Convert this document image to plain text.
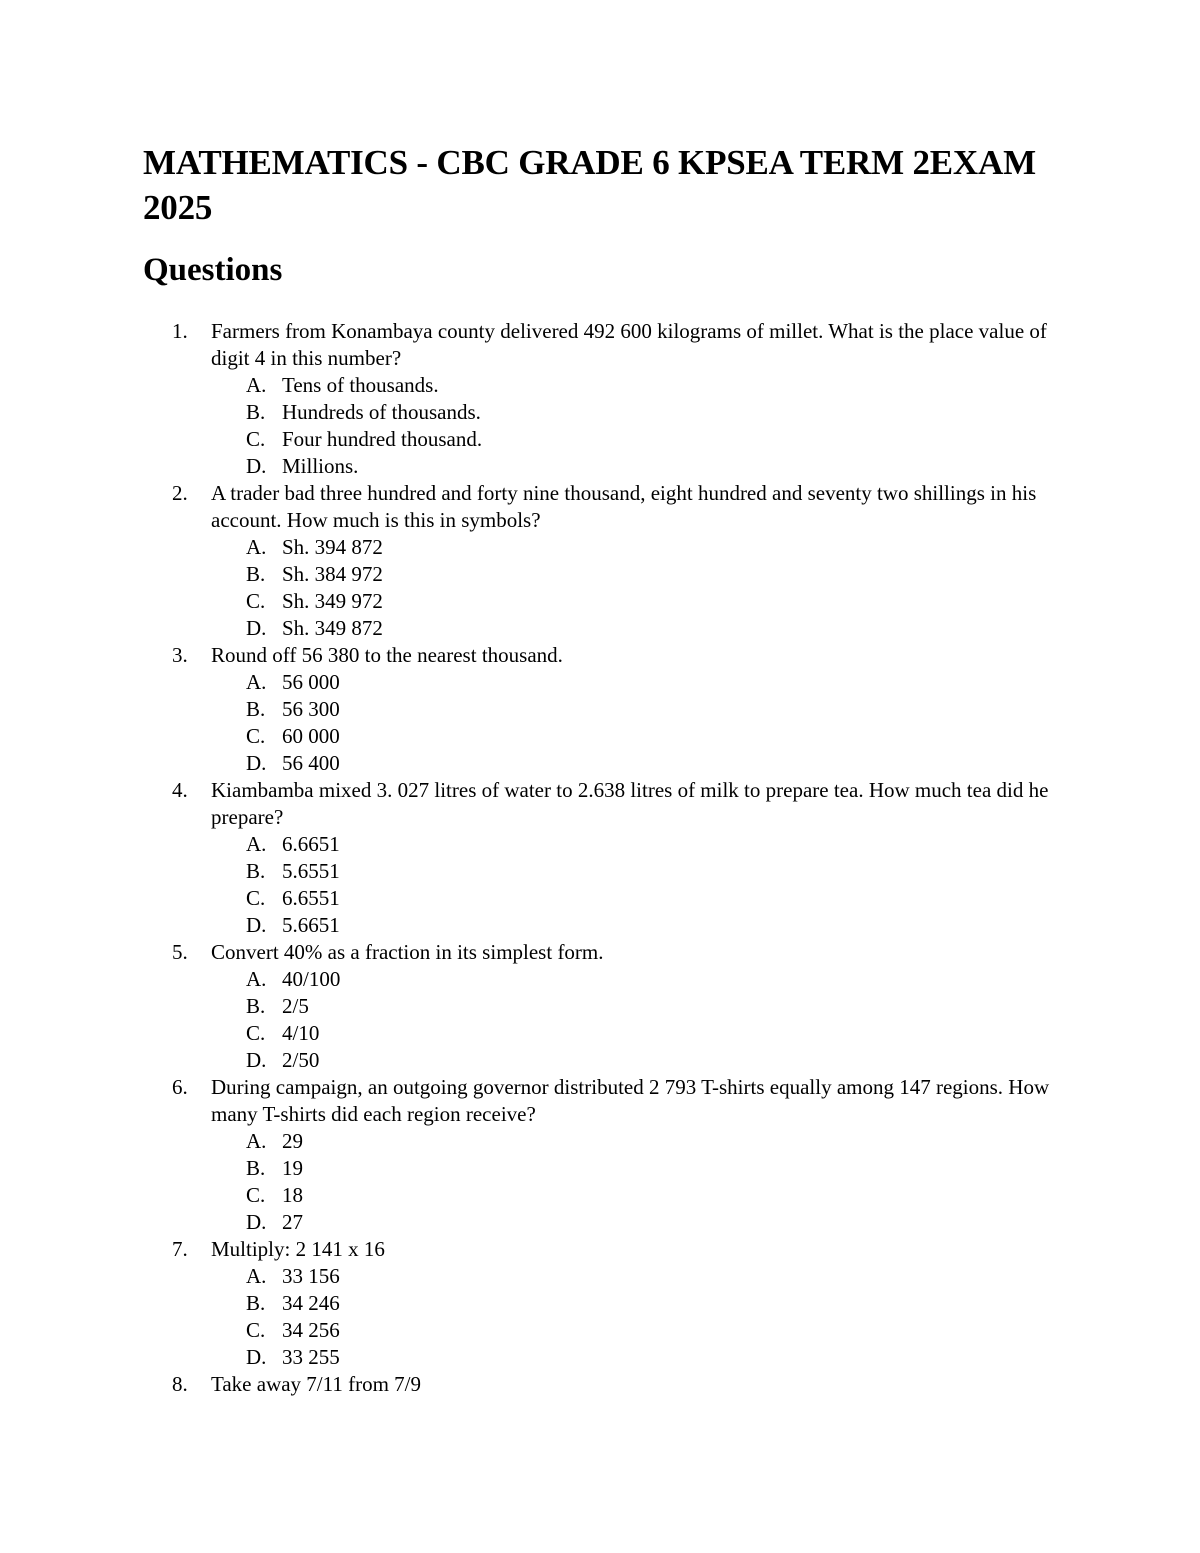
MATHEMATICS - CBC GRADE 6 KPSEA TERM 2EXAM 2025
Questions
1.	Farmers from Konambaya county delivered 492 600 kilograms of millet. What is the place value of digit 4 in this number?
A. Tens of thousands.
B. Hundreds of thousands.
C. Four hundred thousand.
D. Millions.
2.	A trader bad three hundred and forty nine thousand, eight hundred and seventy two shillings in his account. How much is this in symbols?
A. Sh. 394 872
B. Sh. 384 972
C. Sh. 349 972
D. Sh. 349 872
3.	Round off 56 380 to the nearest thousand.
A. 56 000
B. 56 300
C. 60 000
D. 56 400
4.	Kiambamba mixed 3. 027 litres of water to 2.638 litres of milk to prepare tea. How much tea did he prepare?
A. 6.6651
B. 5.6551
C. 6.6551
D. 5.6651
5.	Convert 40% as a fraction in its simplest form.
A. 40/100
B. 2/5
C. 4/10
D. 2/50
6.	During campaign, an outgoing governor distributed 2 793 T-shirts equally among 147 regions. How many T-shirts did each region receive?
A. 29
B. 19
C. 18
D. 27
7.	Multiply: 2 141 x 16
A. 33 156
B. 34 246
C. 34 256
D. 33 255
8.	Take away 7/11 from 7/9
